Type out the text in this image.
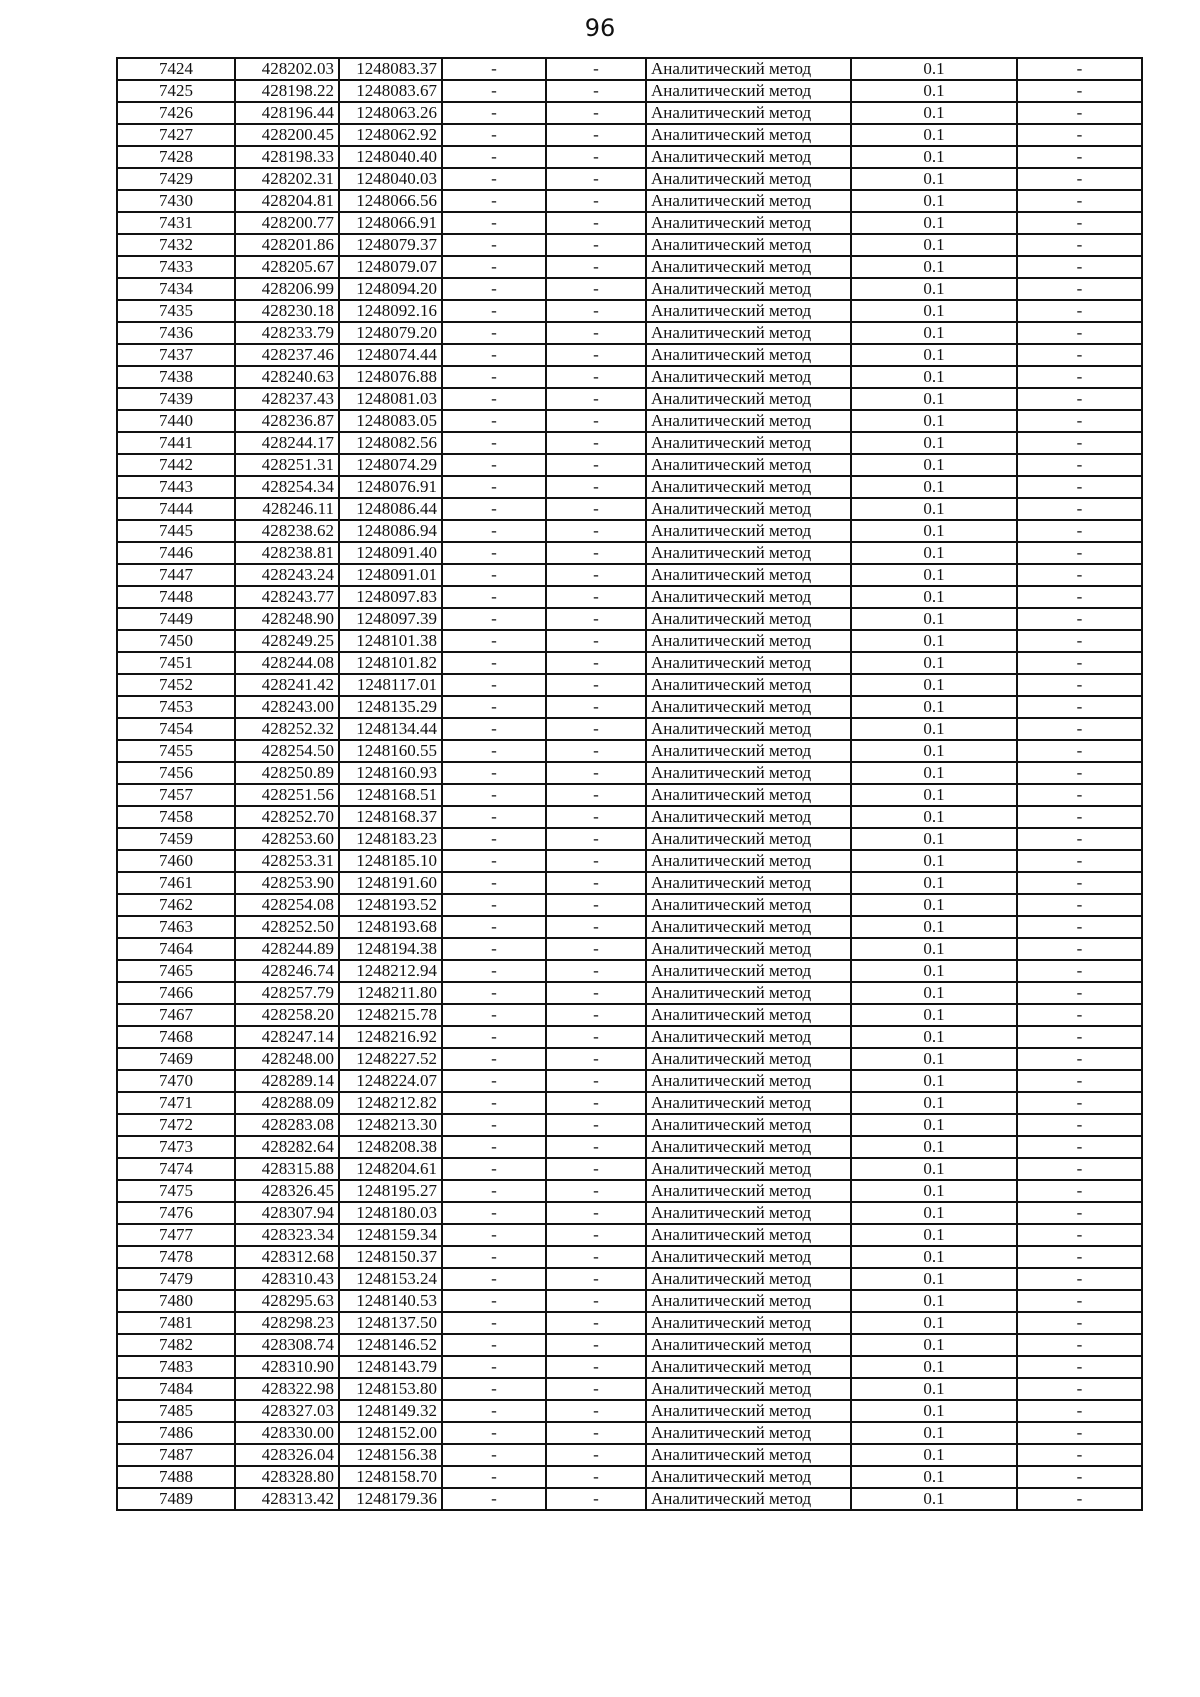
96
7424	428202.03	1248083.37	-	-	Аналитический метод	0.1	-
7425	428198.22	1248083.67	-	-	Аналитический метод	0.1	-
7426	428196.44	1248063.26	-	-	Аналитический метод	0.1	-
7427	428200.45	1248062.92	-	-	Аналитический метод	0.1	-
7428	428198.33	1248040.40	-	-	Аналитический метод	0.1	-
7429	428202.31	1248040.03	-	-	Аналитический метод	0.1	-
7430	428204.81	1248066.56	-	-	Аналитический метод	0.1	-
7431	428200.77	1248066.91	-	-	Аналитический метод	0.1	-
7432	428201.86	1248079.37	-	-	Аналитический метод	0.1	-
7433	428205.67	1248079.07	-	-	Аналитический метод	0.1	-
7434	428206.99	1248094.20	-	-	Аналитический метод	0.1	-
7435	428230.18	1248092.16	-	-	Аналитический метод	0.1	-
7436	428233.79	1248079.20	-	-	Аналитический метод	0.1	-
7437	428237.46	1248074.44	-	-	Аналитический метод	0.1	-
7438	428240.63	1248076.88	-	-	Аналитический метод	0.1	-
7439	428237.43	1248081.03	-	-	Аналитический метод	0.1	-
7440	428236.87	1248083.05	-	-	Аналитический метод	0.1	-
7441	428244.17	1248082.56	-	-	Аналитический метод	0.1	-
7442	428251.31	1248074.29	-	-	Аналитический метод	0.1	-
7443	428254.34	1248076.91	-	-	Аналитический метод	0.1	-
7444	428246.11	1248086.44	-	-	Аналитический метод	0.1	-
7445	428238.62	1248086.94	-	-	Аналитический метод	0.1	-
7446	428238.81	1248091.40	-	-	Аналитический метод	0.1	-
7447	428243.24	1248091.01	-	-	Аналитический метод	0.1	-
7448	428243.77	1248097.83	-	-	Аналитический метод	0.1	-
7449	428248.90	1248097.39	-	-	Аналитический метод	0.1	-
7450	428249.25	1248101.38	-	-	Аналитический метод	0.1	-
7451	428244.08	1248101.82	-	-	Аналитический метод	0.1	-
7452	428241.42	1248117.01	-	-	Аналитический метод	0.1	-
7453	428243.00	1248135.29	-	-	Аналитический метод	0.1	-
7454	428252.32	1248134.44	-	-	Аналитический метод	0.1	-
7455	428254.50	1248160.55	-	-	Аналитический метод	0.1	-
7456	428250.89	1248160.93	-	-	Аналитический метод	0.1	-
7457	428251.56	1248168.51	-	-	Аналитический метод	0.1	-
7458	428252.70	1248168.37	-	-	Аналитический метод	0.1	-
7459	428253.60	1248183.23	-	-	Аналитический метод	0.1	-
7460	428253.31	1248185.10	-	-	Аналитический метод	0.1	-
7461	428253.90	1248191.60	-	-	Аналитический метод	0.1	-
7462	428254.08	1248193.52	-	-	Аналитический метод	0.1	-
7463	428252.50	1248193.68	-	-	Аналитический метод	0.1	-
7464	428244.89	1248194.38	-	-	Аналитический метод	0.1	-
7465	428246.74	1248212.94	-	-	Аналитический метод	0.1	-
7466	428257.79	1248211.80	-	-	Аналитический метод	0.1	-
7467	428258.20	1248215.78	-	-	Аналитический метод	0.1	-
7468	428247.14	1248216.92	-	-	Аналитический метод	0.1	-
7469	428248.00	1248227.52	-	-	Аналитический метод	0.1	-
7470	428289.14	1248224.07	-	-	Аналитический метод	0.1	-
7471	428288.09	1248212.82	-	-	Аналитический метод	0.1	-
7472	428283.08	1248213.30	-	-	Аналитический метод	0.1	-
7473	428282.64	1248208.38	-	-	Аналитический метод	0.1	-
7474	428315.88	1248204.61	-	-	Аналитический метод	0.1	-
7475	428326.45	1248195.27	-	-	Аналитический метод	0.1	-
7476	428307.94	1248180.03	-	-	Аналитический метод	0.1	-
7477	428323.34	1248159.34	-	-	Аналитический метод	0.1	-
7478	428312.68	1248150.37	-	-	Аналитический метод	0.1	-
7479	428310.43	1248153.24	-	-	Аналитический метод	0.1	-
7480	428295.63	1248140.53	-	-	Аналитический метод	0.1	-
7481	428298.23	1248137.50	-	-	Аналитический метод	0.1	-
7482	428308.74	1248146.52	-	-	Аналитический метод	0.1	-
7483	428310.90	1248143.79	-	-	Аналитический метод	0.1	-
7484	428322.98	1248153.80	-	-	Аналитический метод	0.1	-
7485	428327.03	1248149.32	-	-	Аналитический метод	0.1	-
7486	428330.00	1248152.00	-	-	Аналитический метод	0.1	-
7487	428326.04	1248156.38	-	-	Аналитический метод	0.1	-
7488	428328.80	1248158.70	-	-	Аналитический метод	0.1	-
7489	428313.42	1248179.36	-	-	Аналитический метод	0.1	-
